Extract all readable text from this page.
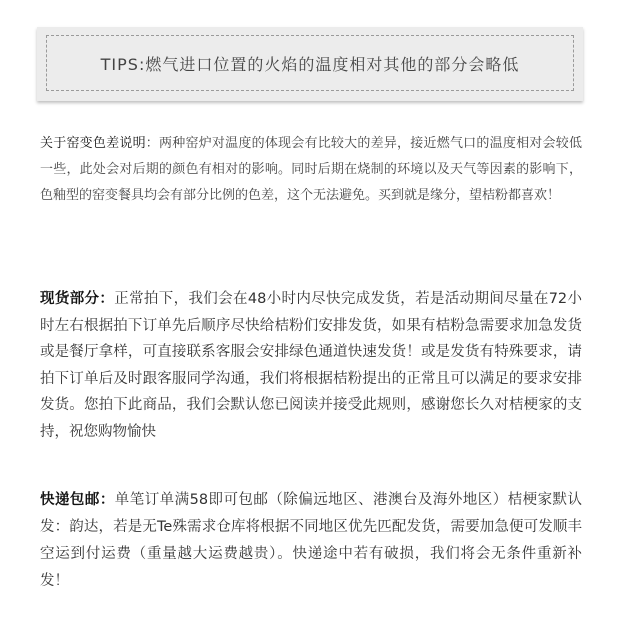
TIPS:燃气进口位置的火焰的温度相对其他的部分会略低
关于窑变色差说明：两种窑炉对温度的体现会有比较大的差异，接近燃气口的温度相对会较低一些，此处会对后期的颜色有相对的影响。同时后期在烧制的环境以及天气等因素的影响下，色釉型的窑变餐具均会有部分比例的色差，这个无法避免。买到就是缘分，望桔粉都喜欢！
现货部分：正常拍下，我们会在48小时内尽快完成发货，若是活动期间尽量在72小时左右根据拍下订单先后顺序尽快给桔粉们安排发货，如果有桔粉急需要求加急发货或是餐厅拿样，可直接联系客服会安排绿色通道快速发货！或是发货有特殊要求，请拍下订单后及时跟客服同学沟通，我们将根据桔粉提出的正常且可以满足的要求安排发货。您拍下此商品，我们会默认您已阅读并接受此规则，感谢您长久对桔梗家的支持，祝您购物愉快
快递包邮：单笔订单满58即可包邮（除偏远地区、港澳台及海外地区）桔梗家默认发：韵达，若是无Te殊需求仓库将根据不同地区优先匹配发货，需要加急便可发顺丰空运到付运费（重量越大运费越贵）。快递途中若有破损，我们将会无条件重新补发！
